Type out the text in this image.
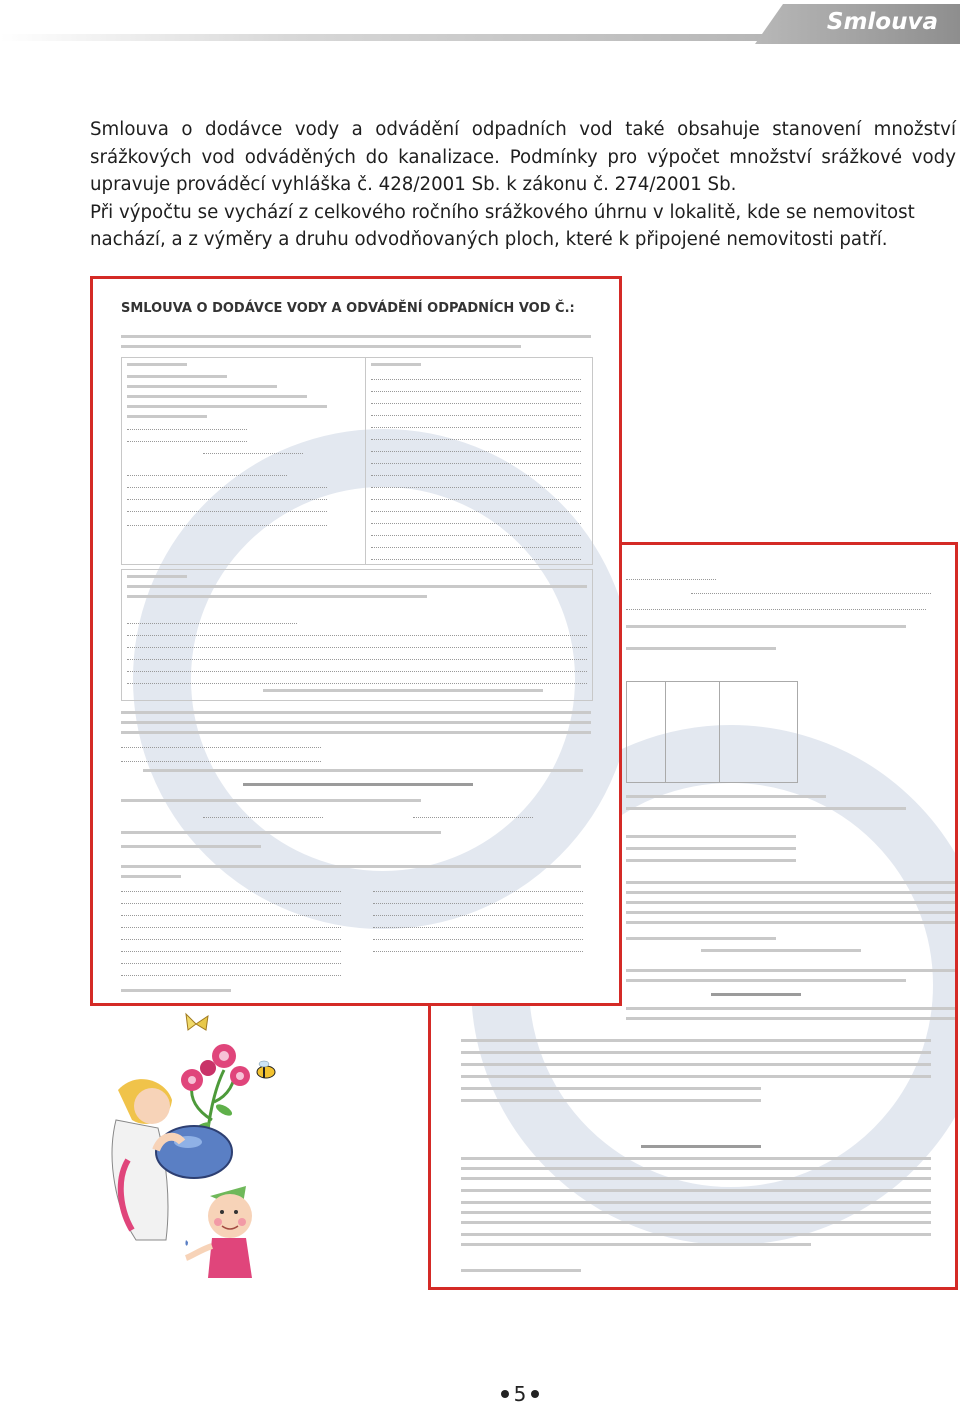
Smlouva

Smlouva o dodávce vody a odvádění odpadních vod také obsahuje stanovení množství srážkových vod odváděných do kanalizace. Podmínky pro výpočet množství srážkové vody upravuje prováděcí vyhláška č. 428/2001 Sb. k zákonu č. 274/2001 Sb.

Při výpočtu se vychází z celkového ročního srážkového úhrnu v lokalitě, kde se nemovitost nachází, a z výměry a druhu odvodňovaných ploch, které k připojené nemovitosti patří.

SMLOUVA O DODÁVCE VODY A ODVÁDĚNÍ ODPADNÍCH VOD Č.:
5
